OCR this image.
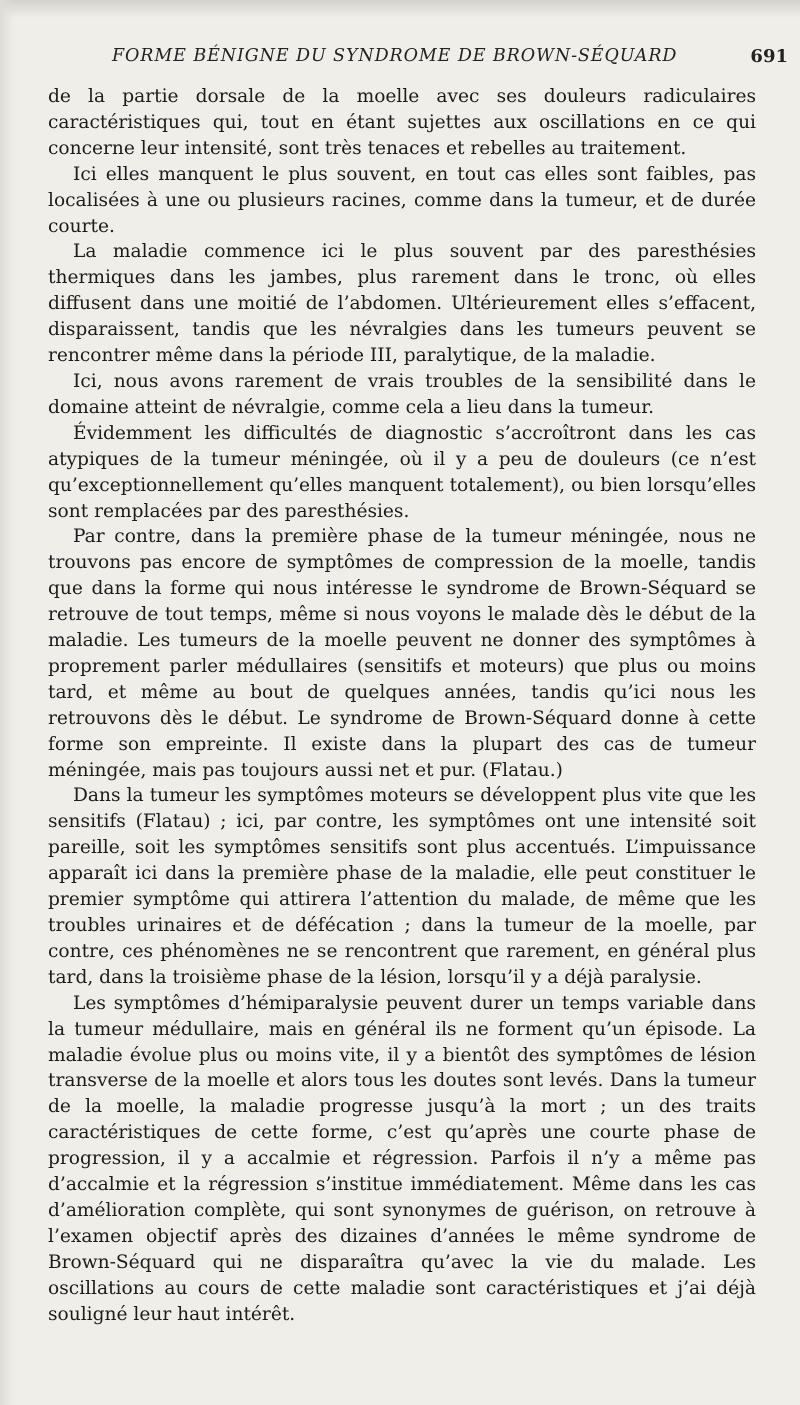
FORME BÉNIGNE DU SYNDROME DE BROWN-SÉQUARD	691

de la partie dorsale de la moelle avec ses douleurs radiculaires caractéristiques qui, tout en étant sujettes aux oscillations en ce qui concerne leur intensité, sont très tenaces et rebelles au traitement.

Ici elles manquent le plus souvent, en tout cas elles sont faibles, pas localisées à une ou plusieurs racines, comme dans la tumeur, et de durée courte.

La maladie commence ici le plus souvent par des paresthésies thermiques dans les jambes, plus rarement dans le tronc, où elles diffusent dans une moitié de l’abdomen. Ultérieurement elles s’effacent, disparaissent, tandis que les névralgies dans les tumeurs peuvent se rencontrer même dans la période III, paralytique, de la maladie.

Ici, nous avons rarement de vrais troubles de la sensibilité dans le domaine atteint de névralgie, comme cela a lieu dans la tumeur.

Évidemment les difficultés de diagnostic s’accroîtront dans les cas atypiques de la tumeur méningée, où il y a peu de douleurs (ce n’est qu’exceptionnellement qu’elles manquent totalement), ou bien lorsqu’elles sont remplacées par des paresthésies.

Par contre, dans la première phase de la tumeur méningée, nous ne trouvons pas encore de symptômes de compression de la moelle, tandis que dans la forme qui nous intéresse le syndrome de Brown-Séquard se retrouve de tout temps, même si nous voyons le malade dès le début de la maladie. Les tumeurs de la moelle peuvent ne donner des symptômes à proprement parler médullaires (sensitifs et moteurs) que plus ou moins tard, et même au bout de quelques années, tandis qu’ici nous les retrouvons dès le début. Le syndrome de Brown-Séquard donne à cette forme son empreinte. Il existe dans la plupart des cas de tumeur méningée, mais pas toujours aussi net et pur. (Flatau.)

Dans la tumeur les symptômes moteurs se développent plus vite que les sensitifs (Flatau) ; ici, par contre, les symptômes ont une intensité soit pareille, soit les symptômes sensitifs sont plus accentués. L’impuissance apparaît ici dans la première phase de la maladie, elle peut constituer le premier symptôme qui attirera l’attention du malade, de même que les troubles urinaires et de défécation ; dans la tumeur de la moelle, par contre, ces phénomènes ne se rencontrent que rarement, en général plus tard, dans la troisième phase de la lésion, lorsqu’il y a déjà paralysie.

Les symptômes d’hémiparalysie peuvent durer un temps variable dans la tumeur médullaire, mais en général ils ne forment qu’un épisode. La maladie évolue plus ou moins vite, il y a bientôt des symptômes de lésion transverse de la moelle et alors tous les doutes sont levés. Dans la tumeur de la moelle, la maladie progresse jusqu’à la mort ; un des traits caractéristiques de cette forme, c’est qu’après une courte phase de progression, il y a accalmie et régression. Parfois il n’y a même pas d’accalmie et la régression s’institue immédiatement. Même dans les cas d’amélioration complète, qui sont synonymes de guérison, on retrouve à l’examen objectif après des dizaines d’années le même syndrome de Brown-Séquard qui ne disparaîtra qu’avec la vie du malade. Les oscillations au cours de cette maladie sont caractéristiques et j’ai déjà souligné leur haut intérêt.
